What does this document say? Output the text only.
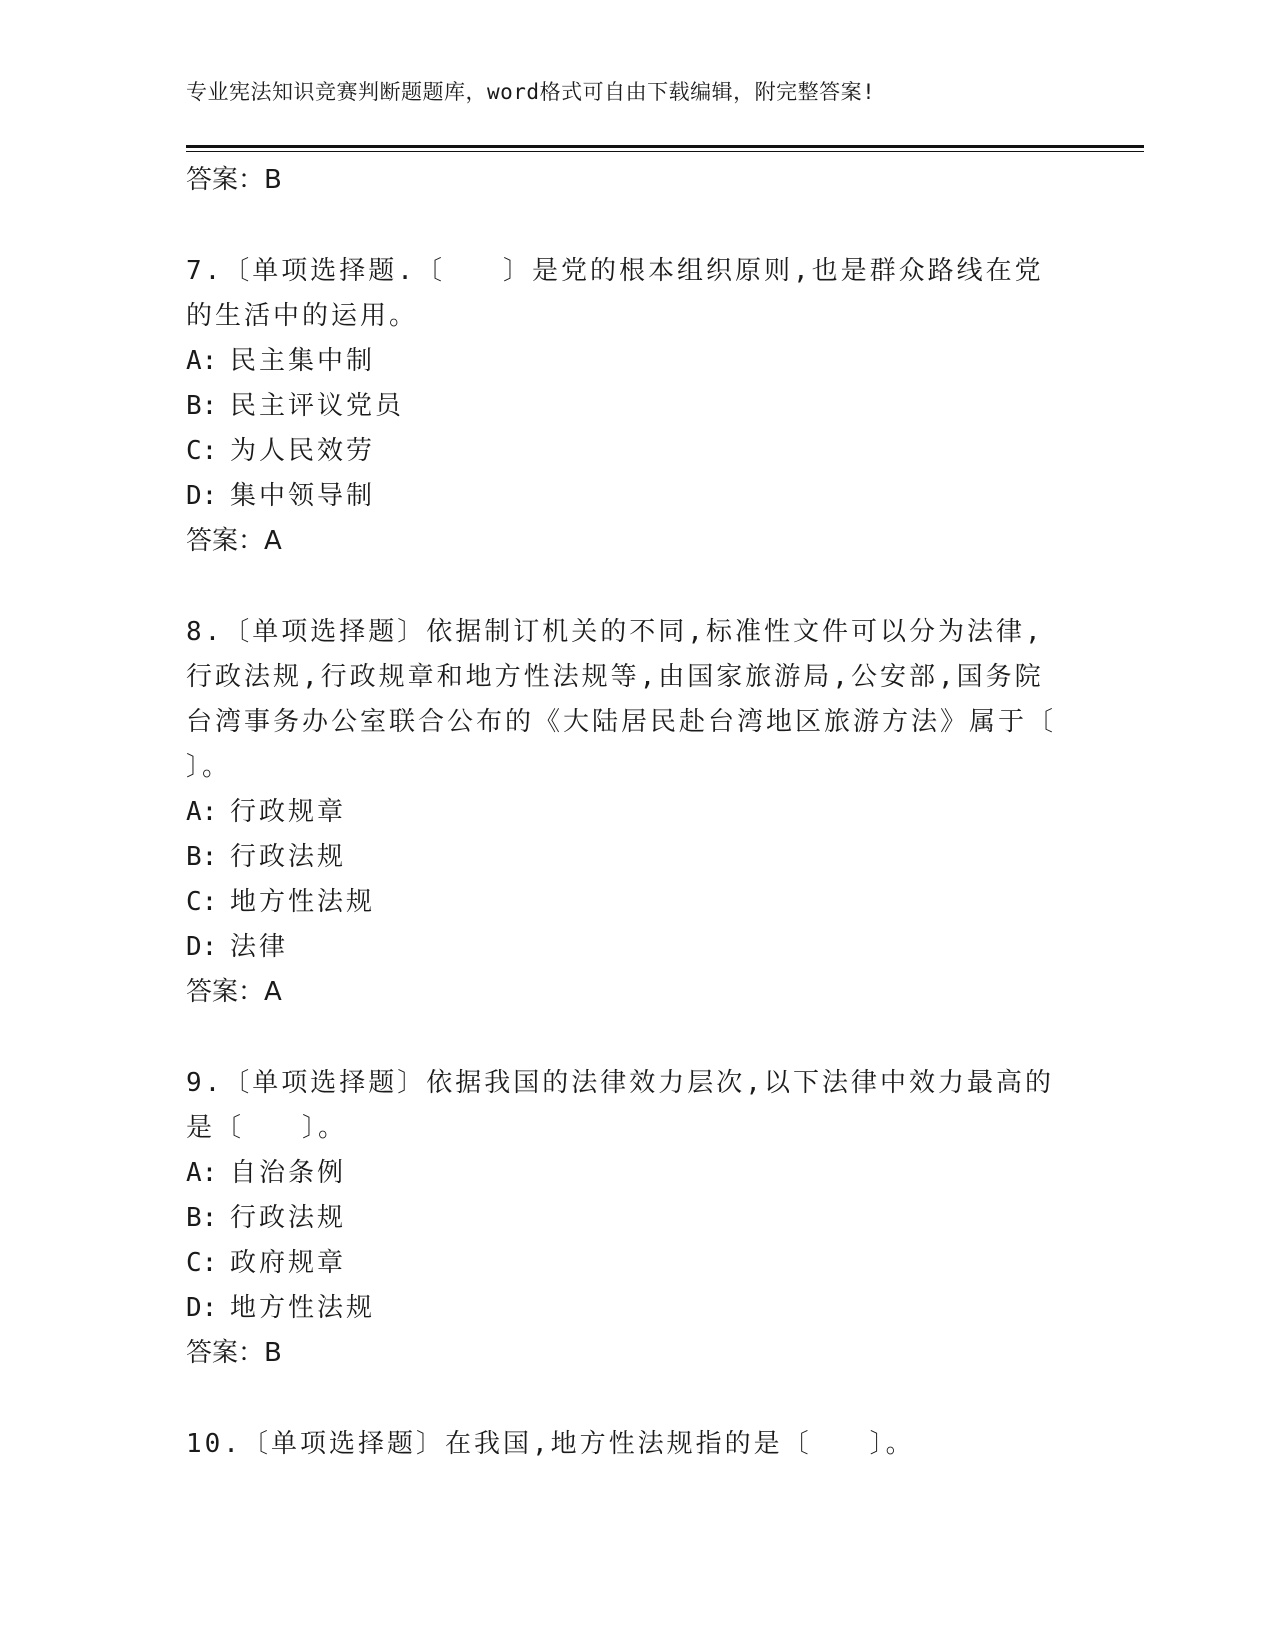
专业宪法知识竞赛判断题题库，word格式可自由下载编辑，附完整答案!

答案：B

7.〔单项选择题.〔　　〕是党的根本组织原则,也是群众路线在党的生活中的运用。

A: 民主集中制
B: 民主评议党员
C: 为人民效劳
D: 集中领导制

答案：A

8.〔单项选择题〕依据制订机关的不同,标准性文件可以分为法律,行政法规,行政规章和地方性法规等,由国家旅游局,公安部,国务院台湾事务办公室联合公布的《大陆居民赴台湾地区旅游方法》属于〔　　〕。

A: 行政规章
B: 行政法规
C: 地方性法规
D: 法律

答案：A

9.〔单项选择题〕依据我国的法律效力层次,以下法律中效力最高的是〔　　〕。

A: 自治条例
B: 行政法规
C: 政府规章
D: 地方性法规

答案：B

10.〔单项选择题〕在我国,地方性法规指的是〔　　〕。
